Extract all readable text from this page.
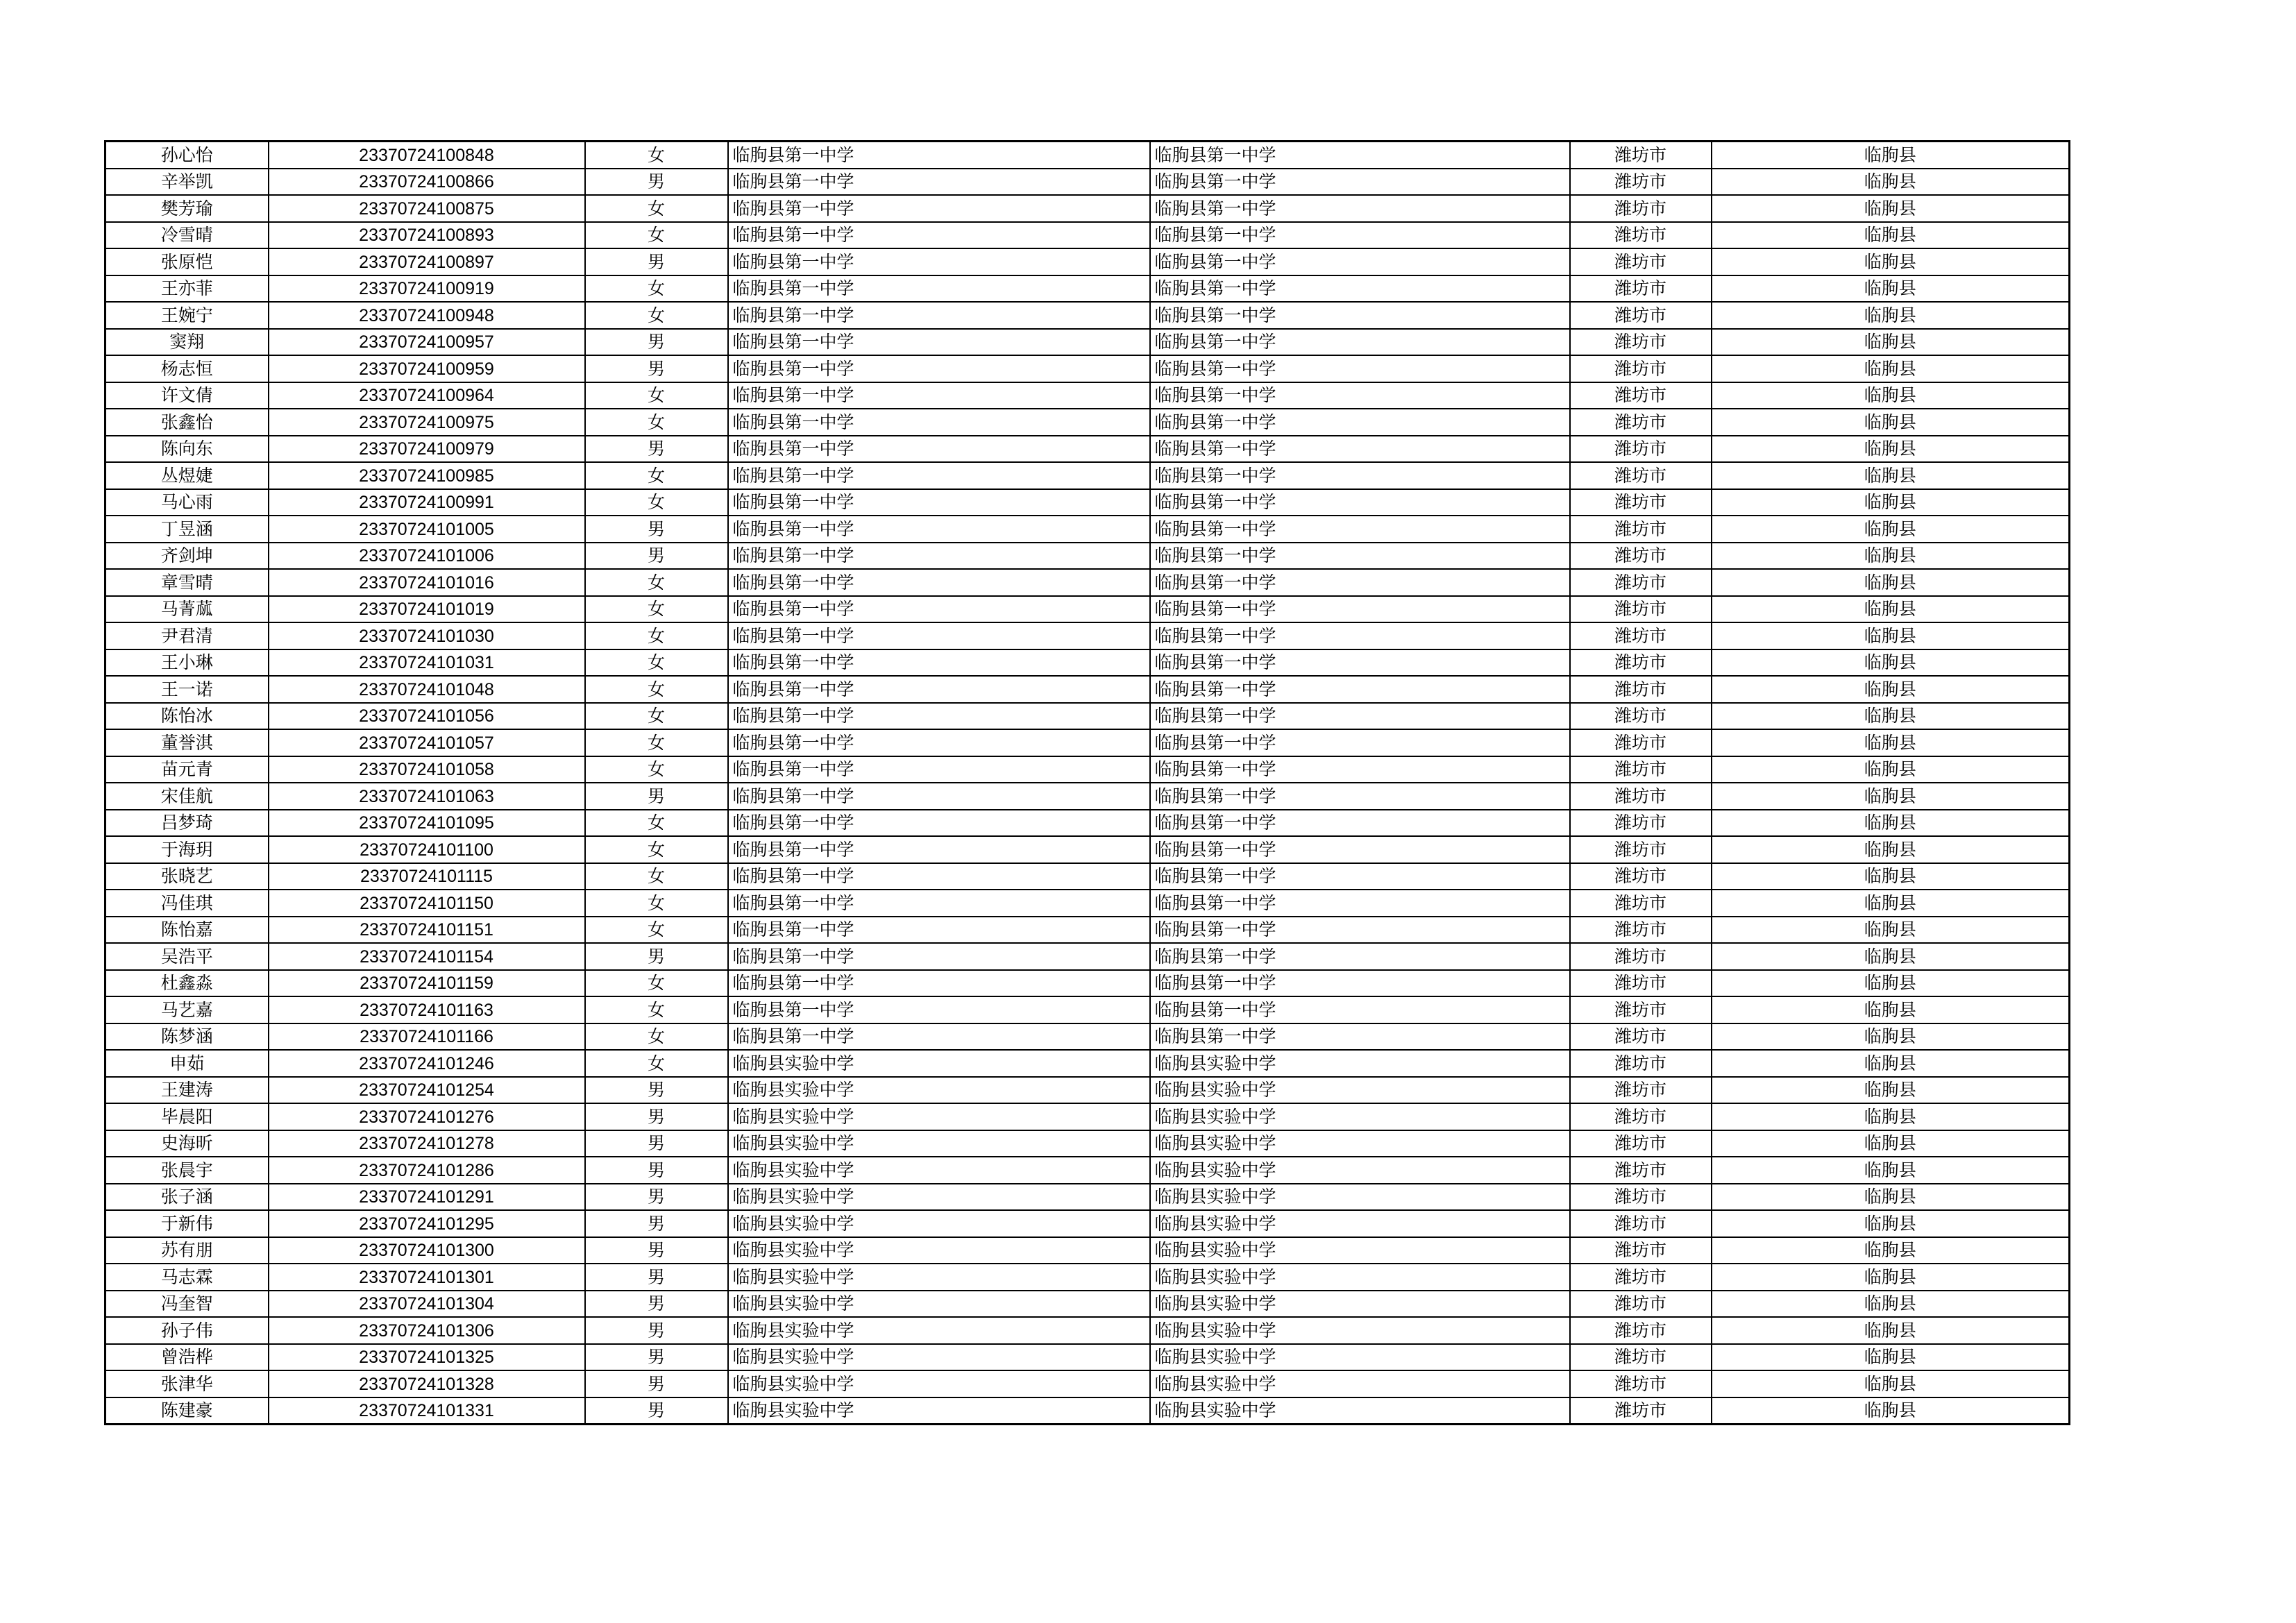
孙心怡	23370724100848	女	临朐县第一中学	临朐县第一中学	潍坊市	临朐县
辛举凯	23370724100866	男	临朐县第一中学	临朐县第一中学	潍坊市	临朐县
樊芳瑜	23370724100875	女	临朐县第一中学	临朐县第一中学	潍坊市	临朐县
冷雪晴	23370724100893	女	临朐县第一中学	临朐县第一中学	潍坊市	临朐县
张原恺	23370724100897	男	临朐县第一中学	临朐县第一中学	潍坊市	临朐县
王亦菲	23370724100919	女	临朐县第一中学	临朐县第一中学	潍坊市	临朐县
王婉宁	23370724100948	女	临朐县第一中学	临朐县第一中学	潍坊市	临朐县
窦翔	23370724100957	男	临朐县第一中学	临朐县第一中学	潍坊市	临朐县
杨志恒	23370724100959	男	临朐县第一中学	临朐县第一中学	潍坊市	临朐县
许文倩	23370724100964	女	临朐县第一中学	临朐县第一中学	潍坊市	临朐县
张鑫怡	23370724100975	女	临朐县第一中学	临朐县第一中学	潍坊市	临朐县
陈向东	23370724100979	男	临朐县第一中学	临朐县第一中学	潍坊市	临朐县
丛煜婕	23370724100985	女	临朐县第一中学	临朐县第一中学	潍坊市	临朐县
马心雨	23370724100991	女	临朐县第一中学	临朐县第一中学	潍坊市	临朐县
丁昱涵	23370724101005	男	临朐县第一中学	临朐县第一中学	潍坊市	临朐县
齐剑坤	23370724101006	男	临朐县第一中学	临朐县第一中学	潍坊市	临朐县
章雪晴	23370724101016	女	临朐县第一中学	临朐县第一中学	潍坊市	临朐县
马菁蓏	23370724101019	女	临朐县第一中学	临朐县第一中学	潍坊市	临朐县
尹君清	23370724101030	女	临朐县第一中学	临朐县第一中学	潍坊市	临朐县
王小琳	23370724101031	女	临朐县第一中学	临朐县第一中学	潍坊市	临朐县
王一诺	23370724101048	女	临朐县第一中学	临朐县第一中学	潍坊市	临朐县
陈怡冰	23370724101056	女	临朐县第一中学	临朐县第一中学	潍坊市	临朐县
董誉淇	23370724101057	女	临朐县第一中学	临朐县第一中学	潍坊市	临朐县
苗元青	23370724101058	女	临朐县第一中学	临朐县第一中学	潍坊市	临朐县
宋佳航	23370724101063	男	临朐县第一中学	临朐县第一中学	潍坊市	临朐县
吕梦琦	23370724101095	女	临朐县第一中学	临朐县第一中学	潍坊市	临朐县
于海玥	23370724101100	女	临朐县第一中学	临朐县第一中学	潍坊市	临朐县
张晓艺	23370724101115	女	临朐县第一中学	临朐县第一中学	潍坊市	临朐县
冯佳琪	23370724101150	女	临朐县第一中学	临朐县第一中学	潍坊市	临朐县
陈怡嘉	23370724101151	女	临朐县第一中学	临朐县第一中学	潍坊市	临朐县
吴浩平	23370724101154	男	临朐县第一中学	临朐县第一中学	潍坊市	临朐县
杜鑫淼	23370724101159	女	临朐县第一中学	临朐县第一中学	潍坊市	临朐县
马艺嘉	23370724101163	女	临朐县第一中学	临朐县第一中学	潍坊市	临朐县
陈梦涵	23370724101166	女	临朐县第一中学	临朐县第一中学	潍坊市	临朐县
申茹	23370724101246	女	临朐县实验中学	临朐县实验中学	潍坊市	临朐县
王建涛	23370724101254	男	临朐县实验中学	临朐县实验中学	潍坊市	临朐县
毕晨阳	23370724101276	男	临朐县实验中学	临朐县实验中学	潍坊市	临朐县
史海昕	23370724101278	男	临朐县实验中学	临朐县实验中学	潍坊市	临朐县
张晨宇	23370724101286	男	临朐县实验中学	临朐县实验中学	潍坊市	临朐县
张子涵	23370724101291	男	临朐县实验中学	临朐县实验中学	潍坊市	临朐县
于新伟	23370724101295	男	临朐县实验中学	临朐县实验中学	潍坊市	临朐县
苏有朋	23370724101300	男	临朐县实验中学	临朐县实验中学	潍坊市	临朐县
马志霖	23370724101301	男	临朐县实验中学	临朐县实验中学	潍坊市	临朐县
冯奎智	23370724101304	男	临朐县实验中学	临朐县实验中学	潍坊市	临朐县
孙子伟	23370724101306	男	临朐县实验中学	临朐县实验中学	潍坊市	临朐县
曾浩桦	23370724101325	男	临朐县实验中学	临朐县实验中学	潍坊市	临朐县
张津华	23370724101328	男	临朐县实验中学	临朐县实验中学	潍坊市	临朐县
陈建豪	23370724101331	男	临朐县实验中学	临朐县实验中学	潍坊市	临朐县
